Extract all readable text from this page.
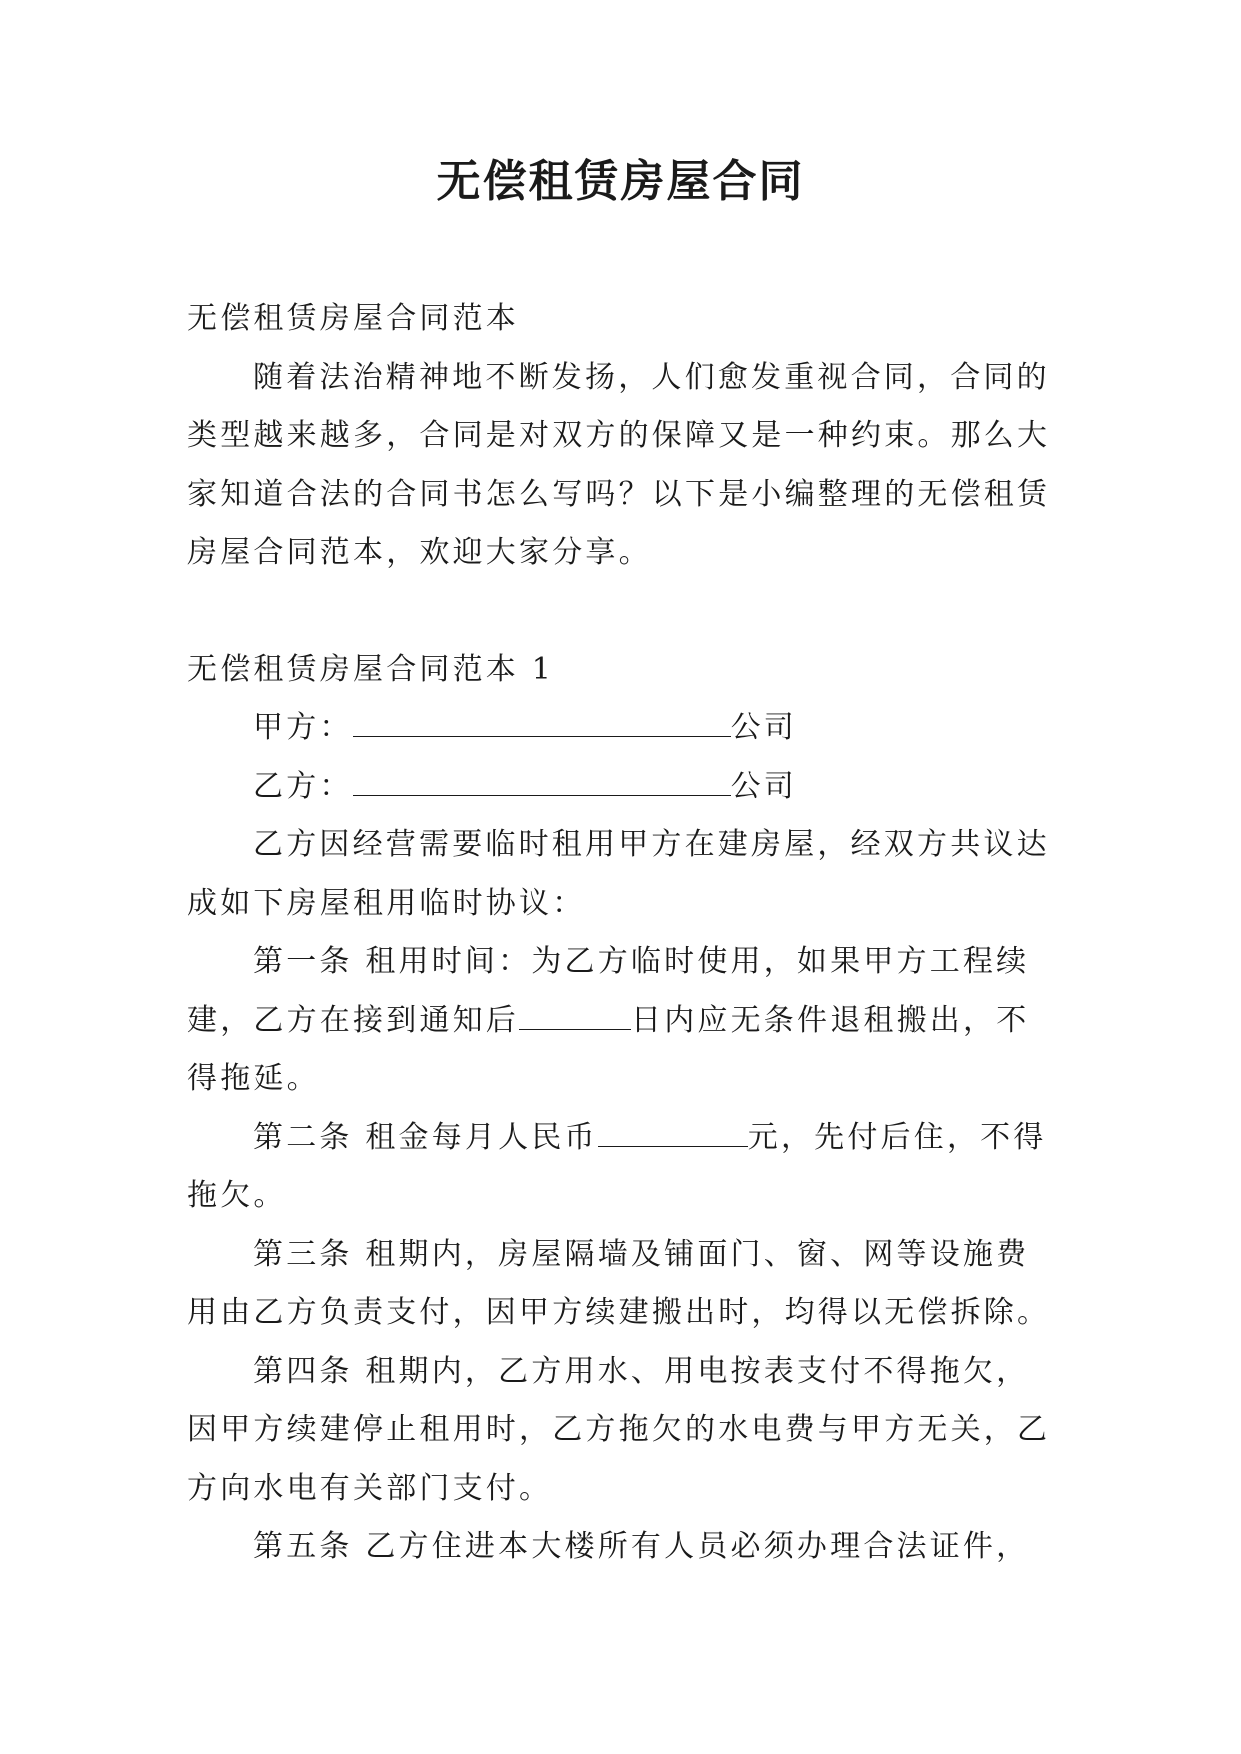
无偿租赁房屋合同

无偿租赁房屋合同范本

随着法治精神地不断发扬，人们愈发重视合同，合同的类型越来越多，合同是对双方的保障又是一种约束。那么大家知道合法的合同书怎么写吗？以下是小编整理的无偿租赁房屋合同范本，欢迎大家分享。

无偿租赁房屋合同范本 1

甲方：	公司

乙方：	公司

乙方因经营需要临时租用甲方在建房屋，经双方共议达成如下房屋租用临时协议：

第一条 租用时间：为乙方临时使用，如果甲方工程续建，乙方在接到通知后	日内应无条件退租搬出，不得拖延。

第二条 租金每月人民币	元，先付后住，不得拖欠。

第三条 租期内，房屋隔墙及铺面门、窗、网等设施费用由乙方负责支付，因甲方续建搬出时，均得以无偿拆除。

第四条 租期内，乙方用水、用电按表支付不得拖欠，因甲方续建停止租用时，乙方拖欠的水电费与甲方无关，乙方向水电有关部门支付。

第五条 乙方住进本大楼所有人员必须办理合法证件，
